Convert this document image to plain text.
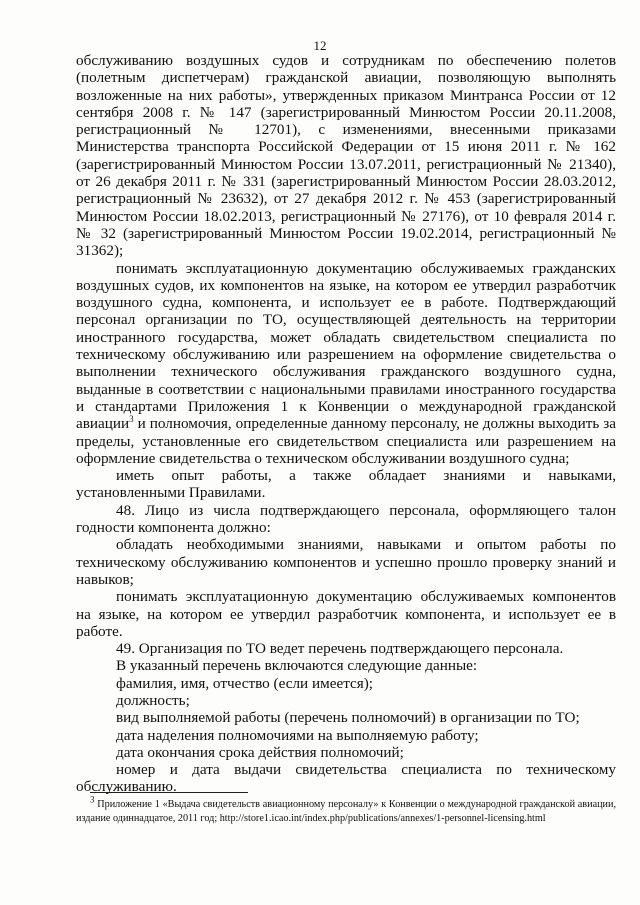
12

обслуживанию воздушных судов и сотрудникам по обеспечению полетов (полетным диспетчерам) гражданской авиации, позволяющую выполнять возложенные на них работы», утвержденных приказом Минтранса России от 12 сентября 2008 г. № 147 (зарегистрированный Минюстом России 20.11.2008, регистрационный № 12701), с изменениями, внесенными приказами Министерства транспорта Российской Федерации от 15 июня 2011 г. № 162 (зарегистрированный Минюстом России 13.07.2011, регистрационный № 21340), от 26 декабря 2011 г. № 331 (зарегистрированный Минюстом России 28.03.2012, регистрационный № 23632), от 27 декабря 2012 г. № 453 (зарегистрированный Минюстом России 18.02.2013, регистрационный № 27176), от 10 февраля 2014 г. № 32 (зарегистрированный Минюстом России 19.02.2014, регистрационный № 31362);

понимать эксплуатационную документацию обслуживаемых гражданских воздушных судов, их компонентов на языке, на котором ее утвердил разработчик воздушного судна, компонента, и использует ее в работе. Подтверждающий персонал организации по ТО, осуществляющей деятельность на территории иностранного государства, может обладать свидетельством специалиста по техническому обслуживанию или разрешением на оформление свидетельства о выполнении технического обслуживания гражданского воздушного судна, выданные в соответствии с национальными правилами иностранного государства и стандартами Приложения 1 к Конвенции о международной гражданской авиации$^3$ и полномочия, определенные данному персоналу, не должны выходить за пределы, установленные его свидетельством специалиста или разрешением на оформление свидетельства о техническом обслуживании воздушного судна;

иметь опыт работы, а также обладает знаниями и навыками, установленными Правилами.

48. Лицо из числа подтверждающего персонала, оформляющего талон годности компонента должно:

обладать необходимыми знаниями, навыками и опытом работы по техническому обслуживанию компонентов и успешно прошло проверку знаний и навыков;

понимать эксплуатационную документацию обслуживаемых компонентов на языке, на котором ее утвердил разработчик компонента, и использует ее в работе.

49. Организация по ТО ведет перечень подтверждающего персонала.

В указанный перечень включаются следующие данные:

фамилия, имя, отчество (если имеется);

должность;

вид выполняемой работы (перечень полномочий) в организации по ТО;

дата наделения полномочиями на выполняемую работу;

дата окончания срока действия полномочий;

номер и дата выдачи свидетельства специалиста по техническому обслуживанию.

3 Приложение 1 «Выдача свидетельств авиационному персоналу» к Конвенции о международной гражданской авиации, издание одиннадцатое, 2011 год; http://store1.icao.int/index.php/publications/annexes/1-personnel-licensing.html
